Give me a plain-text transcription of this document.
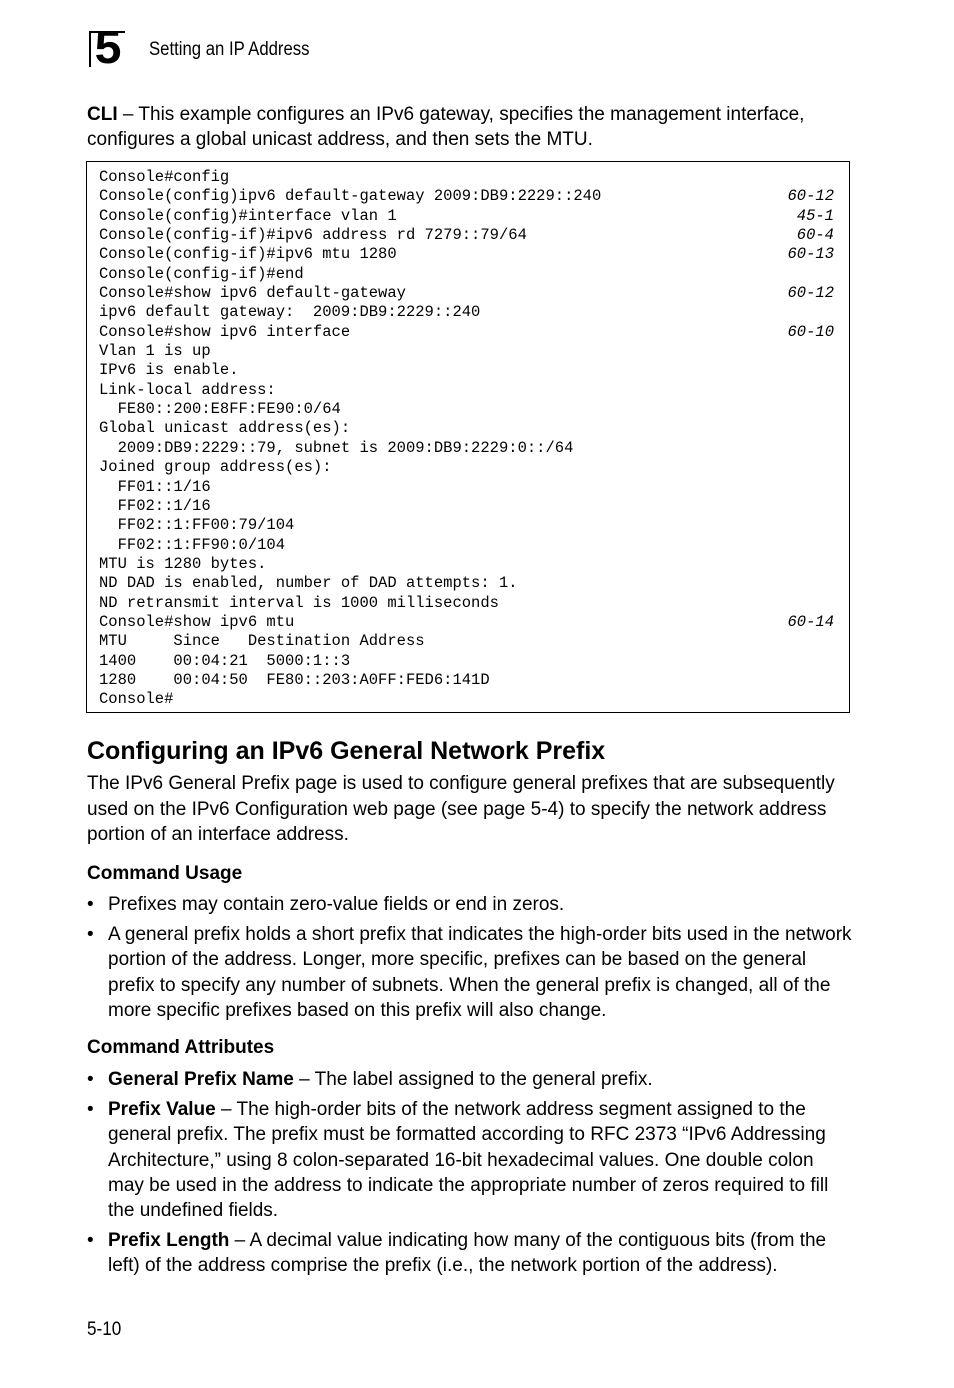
5	Setting an IP Address

CLI – This example configures an IPv6 gateway, specifies the management interface, configures a global unicast address, and then sets the MTU.

Console#config
Console(config)ipv6 default-gateway 2009:DB9:2229::240	60-12
Console(config)#interface vlan 1	45-1
Console(config-if)#ipv6 address rd 7279::79/64	60-4
Console(config-if)#ipv6 mtu 1280	60-13
Console(config-if)#end
Console#show ipv6 default-gateway	60-12
ipv6 default gateway:  2009:DB9:2229::240
Console#show ipv6 interface	60-10
Vlan 1 is up
IPv6 is enable.
Link-local address:
FE80::200:E8FF:FE90:0/64
Global unicast address(es):
2009:DB9:2229::79, subnet is 2009:DB9:2229:0::/64
Joined group address(es):
FF01::1/16
FF02::1/16
FF02::1:FF00:79/104
FF02::1:FF90:0/104
MTU is 1280 bytes.
ND DAD is enabled, number of DAD attempts: 1.
ND retransmit interval is 1000 milliseconds
Console#show ipv6 mtu	60-14
MTU     Since   Destination Address
1400    00:04:21  5000:1::3
1280    00:04:50  FE80::203:A0FF:FED6:141D
Console#
Configuring an IPv6 General Network Prefix

The IPv6 General Prefix page is used to configure general prefixes that are subsequently used on the IPv6 Configuration web page (see page 5-4) to specify the network address portion of an interface address.

Command Usage
• Prefixes may contain zero-value fields or end in zeros.
• A general prefix holds a short prefix that indicates the high-order bits used in the network portion of the address. Longer, more specific, prefixes can be based on the general prefix to specify any number of subnets. When the general prefix is changed, all of the more specific prefixes based on this prefix will also change.
Command Attributes
• General Prefix Name – The label assigned to the general prefix.
• Prefix Value – The high-order bits of the network address segment assigned to the general prefix. The prefix must be formatted according to RFC 2373 “IPv6 Addressing Architecture,” using 8 colon-separated 16-bit hexadecimal values. One double colon may be used in the address to indicate the appropriate number of zeros required to fill the undefined fields.
• Prefix Length – A decimal value indicating how many of the contiguous bits (from the left) of the address comprise the prefix (i.e., the network portion of the address).
5-10
